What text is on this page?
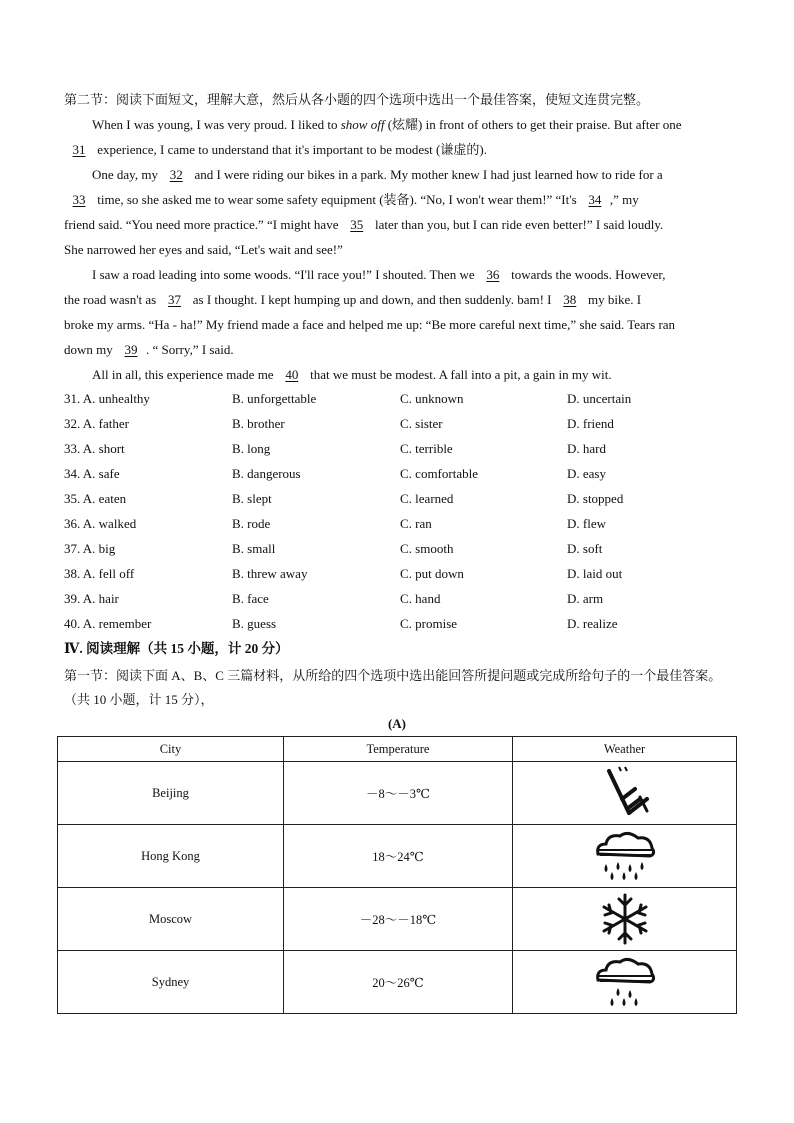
第二节：阅读下面短文，理解大意，然后从各小题的四个选项中选出一个最佳答案，使短文连贯完整。
When I was young, I was very proud. I liked to show off (炫耀) in front of others to get their praise. But after one
31 experience, I came to understand that it's important to be modest (谦虚的).
One day, my 32 and I were riding our bikes in a park. My mother knew I had just learned how to ride for a
33 time, so she asked me to wear some safety equipment (装备). “No, I won't wear them!” “It's 34 ,” my
friend said. “You need more practice.” “I might have 35 later than you, but I can ride even better!” I said loudly.
She narrowed her eyes and said, “Let's wait and see!”
I saw a road leading into some woods. “I'll race you!” I shouted. Then we 36 towards the woods. However,
the road wasn't as 37 as I thought. I kept humping up and down, and then suddenly. bam! I 38 my bike. I
broke my arms. “Ha - ha!” My friend made a face and helped me up: “Be more careful next time,” she said. Tears ran
down my 39 . “ Sorry,” I said.
All in all, this experience made me 40 that we must be modest. A fall into a pit, a gain in my wit.
31. A. unhealthy	B. unforgettable	C. unknown	D. uncertain
32. A. father	B. brother	C. sister	D. friend
33. A. short	B. long	C. terrible	D. hard
34. A. safe	B. dangerous	C. comfortable	D. easy
35. A. eaten	B. slept	C. learned	D. stopped
36. A. walked	B. rode	C. ran	D. flew
37. A. big	B. small	C. smooth	D. soft
38. A. fell off	B. threw away	C. put down	D. laid out
39. A. hair	B. face	C. hand	D. arm
40. A. remember	B. guess	C. promise	D. realize
Ⅳ. 阅读理解（共 15 小题，计 20 分）
第一节：阅读下面 A、B、C 三篇材料，从所给的四个选项中选出能回答所提问题或完成所给句子的一个最佳答案。（共 10 小题，计 15 分），
(A)
City	Temperature	Weather
Beijing	－8～－3℃	

Hong Kong	18～24℃	

Moscow	－28～－18℃	

Sydney	20～26℃	
